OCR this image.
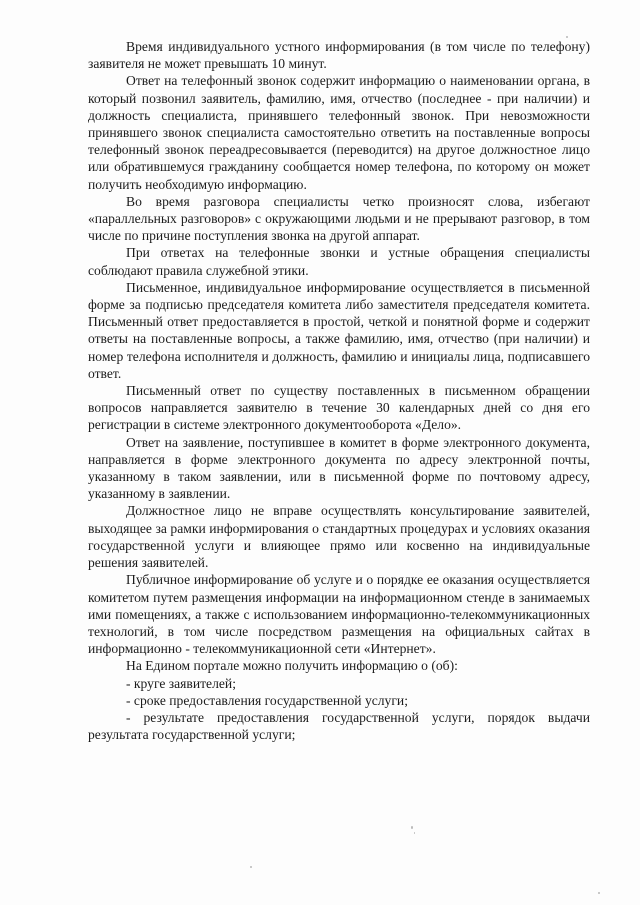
Время индивидуального устного информирования (в том числе по телефону) заявителя не может превышать 10 минут.

Ответ на телефонный звонок содержит информацию о наименовании органа, в который позвонил заявитель, фамилию, имя, отчество (последнее - при наличии) и должность специалиста, принявшего телефонный звонок. При невозможности принявшего звонок специалиста самостоятельно ответить на поставленные вопросы телефонный звонок переадресовывается (переводится) на другое должностное лицо или обратившемуся гражданину сообщается номер телефона, по которому он может получить необходимую информацию.

Во время разговора специалисты четко произносят слова, избегают «параллельных разговоров» с окружающими людьми и не прерывают разговор, в том числе по причине поступления звонка на другой аппарат.

При ответах на телефонные звонки и устные обращения специалисты соблюдают правила служебной этики.

Письменное, индивидуальное информирование осуществляется в письменной форме за подписью председателя комитета либо заместителя председателя комитета. Письменный ответ предоставляется в простой, четкой и понятной форме и содержит ответы на поставленные вопросы, а также фамилию, имя, отчество (при наличии) и номер телефона исполнителя и должность, фамилию и инициалы лица, подписавшего ответ.

Письменный ответ по существу поставленных в письменном обращении вопросов направляется заявителю в течение 30 календарных дней со дня его регистрации в системе электронного документооборота «Дело».

Ответ на заявление, поступившее в комитет в форме электронного документа, направляется в форме электронного документа по адресу электронной почты, указанному в таком заявлении, или в письменной форме по почтовому адресу, указанному в заявлении.

Должностное лицо не вправе осуществлять консультирование заявителей, выходящее за рамки информирования о стандартных процедурах и условиях оказания государственной услуги и влияющее прямо или косвенно на индивидуальные решения заявителей.

Публичное информирование об услуге и о порядке ее оказания осуществляется комитетом путем размещения информации на информационном стенде в занимаемых ими помещениях, а также с использованием информационно-телекоммуникационных технологий, в том числе посредством размещения на официальных сайтах в информационно - телекоммуникационной сети «Интернет».

На Едином портале можно получить информацию о (об):

- круге заявителей;

- сроке предоставления государственной услуги;

- результате предоставления государственной услуги, порядок выдачи результата государственной услуги;
